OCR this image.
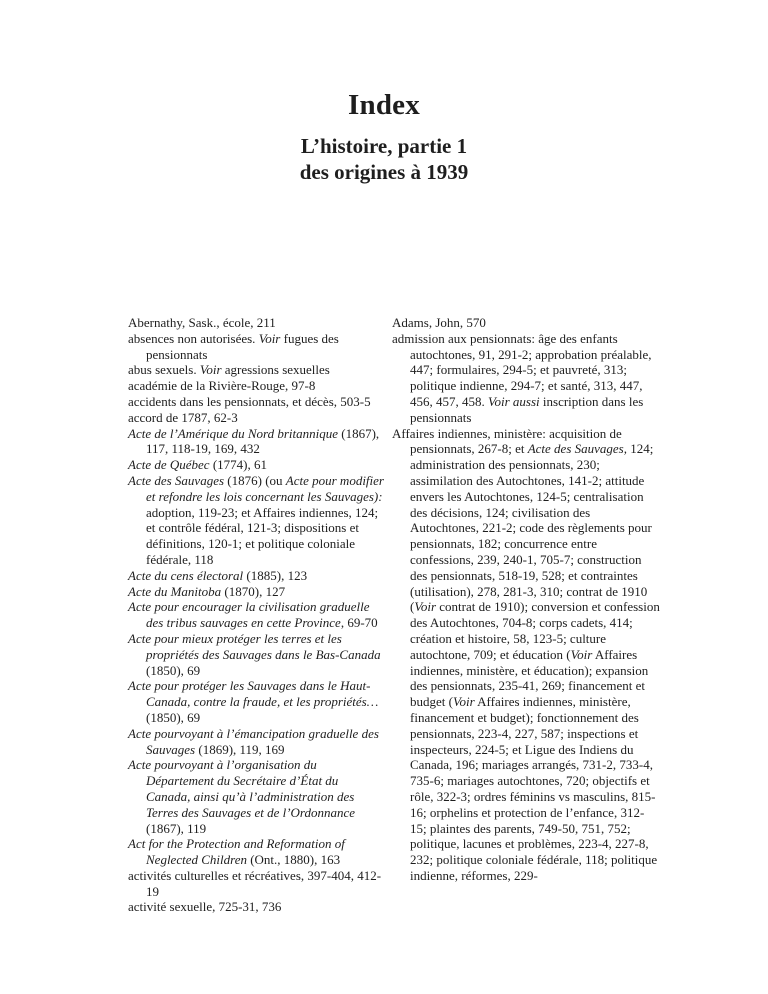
Index
L’histoire, partie 1
des origines à 1939

Abernathy, Sask., école, 211

absences non autorisées. Voir fugues des pensionnats

abus sexuels. Voir agressions sexuelles

académie de la Rivière-Rouge, 97-8

accidents dans les pensionnats, et décès, 503-5

accord de 1787, 62-3

Acte de l’Amérique du Nord britannique (1867), 117, 118-19, 169, 432

Acte de Québec (1774), 61

Acte des Sauvages (1876) (ou Acte pour modifier et refondre les lois concernant les Sauvages): adoption, 119-23; et Affaires indiennes, 124; et contrôle fédéral, 121-3; dispositions et définitions, 120-1; et politique coloniale fédérale, 118

Acte du cens électoral (1885), 123

Acte du Manitoba (1870), 127

Acte pour encourager la civilisation graduelle des tribus sauvages en cette Province, 69-70

Acte pour mieux protéger les terres et les propriétés des Sauvages dans le Bas-Canada (1850), 69

Acte pour protéger les Sauvages dans le Haut-Canada, contre la fraude, et les propriétés… (1850), 69

Acte pourvoyant à l’émancipation graduelle des Sauvages (1869), 119, 169

Acte pourvoyant à l’organisation du Département du Secrétaire d’État du Canada, ainsi qu’à l’administration des Terres des Sauvages et de l’Ordonnance (1867), 119

Act for the Protection and Reformation of Neglected Children (Ont., 1880), 163

activités culturelles et récréatives, 397-404, 412-19

activité sexuelle, 725-31, 736

Adams, John, 570

admission aux pensionnats: âge des enfants autochtones, 91, 291-2; approbation préalable, 447; formulaires, 294-5; et pauvreté, 313; politique indienne, 294-7; et santé, 313, 447, 456, 457, 458. Voir aussi inscription dans les pensionnats

Affaires indiennes, ministère: acquisition de pensionnats, 267-8; et Acte des Sauvages, 124; administration des pensionnats, 230; assimilation des Autochtones, 141-2; attitude envers les Autochtones, 124-5; centralisation des décisions, 124; civilisation des Autochtones, 221-2; code des règlements pour pensionnats, 182; concurrence entre confessions, 239, 240-1, 705-7; construction des pensionnats, 518-19, 528; et contraintes (utilisation), 278, 281-3, 310; contrat de 1910 (Voir contrat de 1910); conversion et confession des Autochtones, 704-8; corps cadets, 414; création et histoire, 58, 123-5; culture autochtone, 709; et éducation (Voir Affaires indiennes, ministère, et éducation); expansion des pensionnats, 235-41, 269; financement et budget (Voir Affaires indiennes, ministère, financement et budget); fonctionnement des pensionnats, 223-4, 227, 587; inspections et inspecteurs, 224-5; et Ligue des Indiens du Canada, 196; mariages arrangés, 731-2, 733-4, 735-6; mariages autochtones, 720; objectifs et rôle, 322-3; ordres féminins vs masculins, 815-16; orphelins et protection de l’enfance, 312-15; plaintes des parents, 749-50, 751, 752; politique, lacunes et problèmes, 223-4, 227-8, 232; politique coloniale fédérale, 118; politique indienne, réformes, 229-
